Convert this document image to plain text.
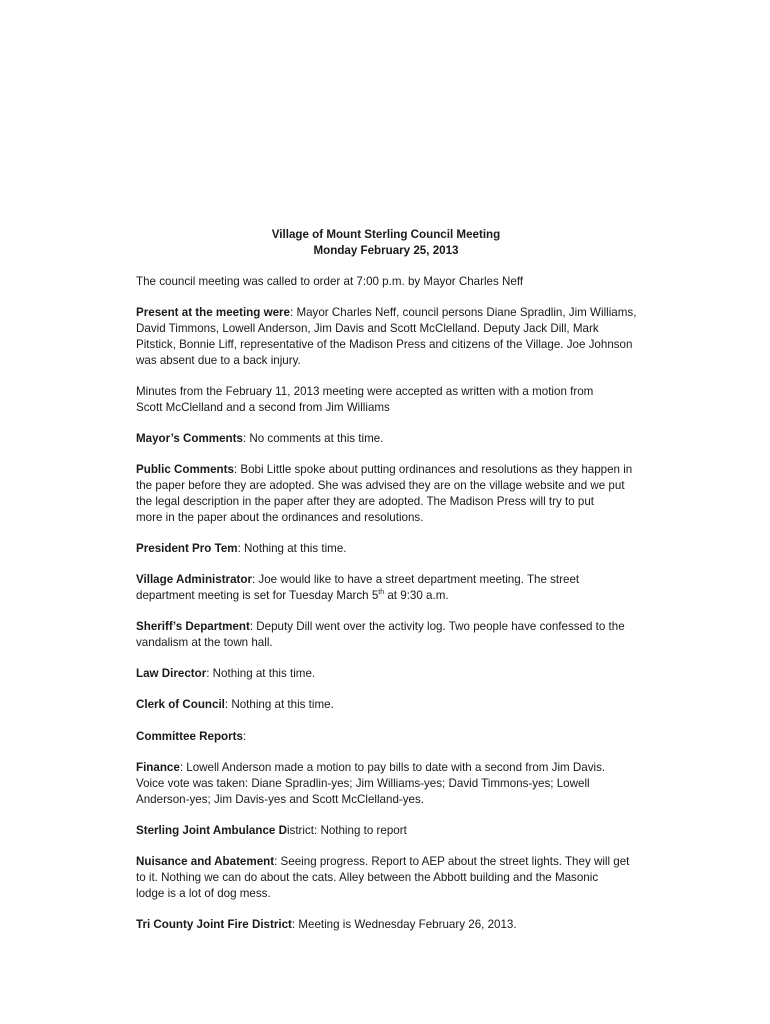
Village of Mount Sterling Council Meeting
Monday February 25, 2013

The council meeting was called to order at 7:00 p.m. by Mayor Charles Neff

Present at the meeting were: Mayor Charles Neff, council persons Diane Spradlin, Jim Williams,
David Timmons, Lowell Anderson, Jim Davis and Scott McClelland. Deputy Jack Dill, Mark
Pitstick, Bonnie Liff, representative of the Madison Press and citizens of the Village. Joe Johnson
was absent due to a back injury.

Minutes from the February 11, 2013 meeting were accepted as written with a motion from
Scott McClelland and a second from Jim Williams

Mayor’s Comments: No comments at this time.

Public Comments: Bobi Little spoke about putting ordinances and resolutions as they happen in
the paper before they are adopted. She was advised they are on the village website and we put
the legal description in the paper after they are adopted. The Madison Press will try to put
more in the paper about the ordinances and resolutions.

President Pro Tem: Nothing at this time.

Village Administrator: Joe would like to have a street department meeting. The street
department meeting is set for Tuesday March 5th at 9:30 a.m.

Sheriff’s Department: Deputy Dill went over the activity log. Two people have confessed to the
vandalism at the town hall.

Law Director: Nothing at this time.

Clerk of Council: Nothing at this time.

Committee Reports:

Finance: Lowell Anderson made a motion to pay bills to date with a second from Jim Davis.
Voice vote was taken: Diane Spradlin-yes; Jim Williams-yes; David Timmons-yes; Lowell
Anderson-yes; Jim Davis-yes and Scott McClelland-yes.

Sterling Joint Ambulance District: Nothing to report

Nuisance and Abatement: Seeing progress. Report to AEP about the street lights. They will get
to it. Nothing we can do about the cats. Alley between the Abbott building and the Masonic
lodge is a lot of dog mess.

Tri County Joint Fire District: Meeting is Wednesday February 26, 2013.
